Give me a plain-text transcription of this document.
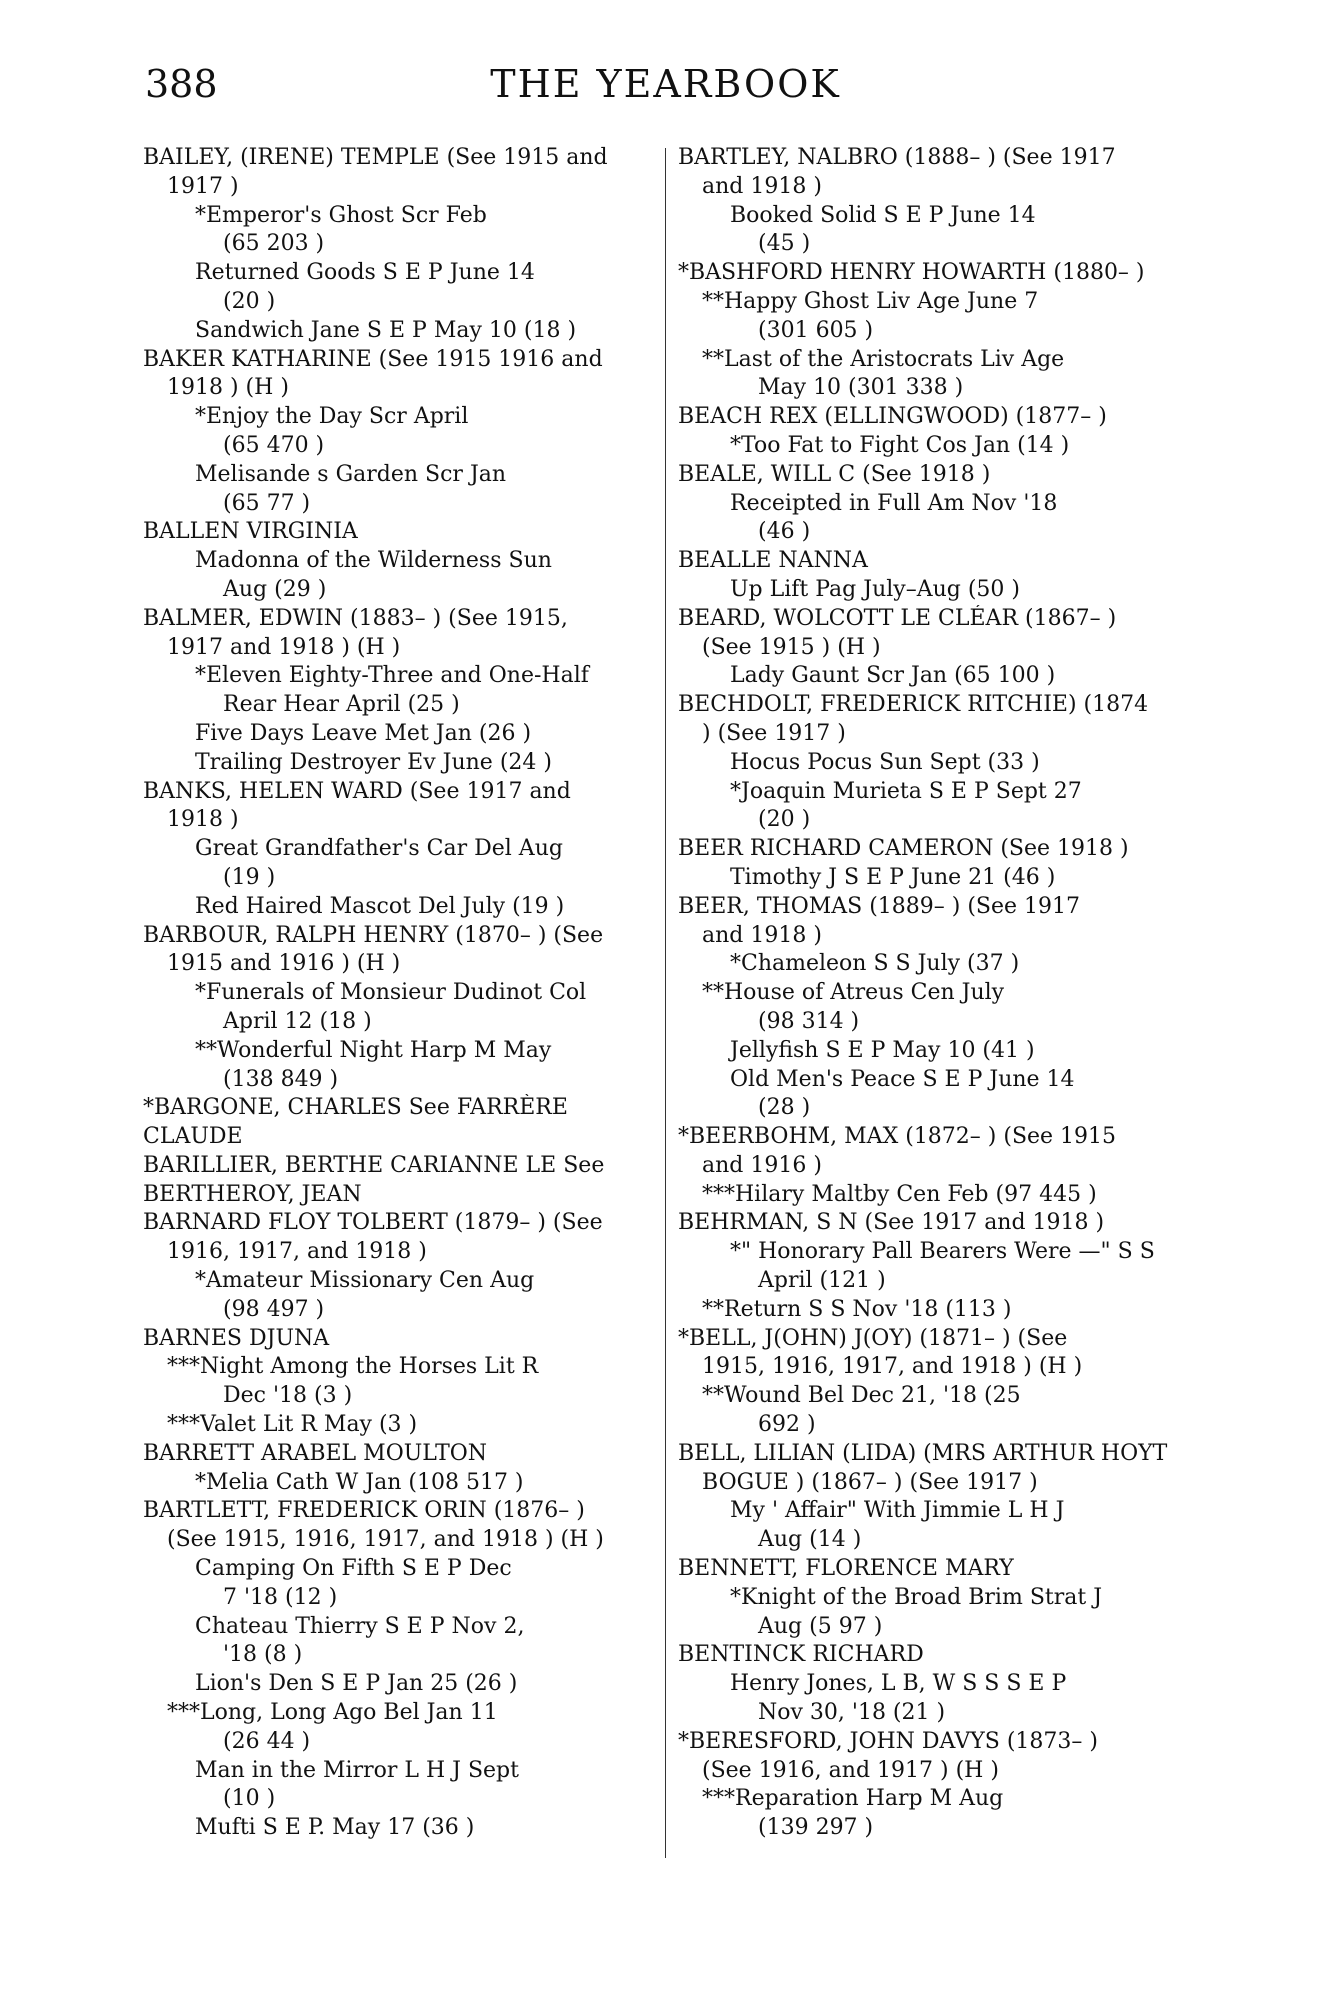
388	THE YEARBOOK
BAILEY, (IRENE) TEMPLE (See 1915 and
1917 )
*Emperor's Ghost Scr Feb
(65 203 )
Returned Goods S E P June 14
(20 )
Sandwich Jane S E P May 10 (18 )
BAKER KATHARINE (See 1915 1916 and
1918 ) (H )
*Enjoy the Day Scr April
(65 470 )
Melisande s Garden Scr Jan
(65 77 )
BALLEN VIRGINIA
Madonna of the Wilderness Sun
Aug (29 )
BALMER, EDWIN (1883– ) (See 1915,
1917 and 1918 ) (H )
*Eleven Eighty-Three and One-Half
Rear Hear April (25 )
Five Days Leave Met Jan (26 )
Trailing Destroyer Ev June (24 )
BANKS, HELEN WARD (See 1917 and
1918 )
Great Grandfather's Car Del Aug
(19 )
Red Haired Mascot Del July (19 )
BARBOUR, RALPH HENRY (1870– ) (See
1915 and 1916 ) (H )
*Funerals of Monsieur Dudinot Col
April 12 (18 )
**Wonderful Night Harp M May
(138 849 )
*BARGONE, CHARLES See FARRÈRE
CLAUDE
BARILLIER, BERTHE CARIANNE LE See
BERTHEROY, JEAN
BARNARD FLOY TOLBERT (1879– ) (See
1916, 1917, and 1918 )
*Amateur Missionary Cen Aug
(98 497 )
BARNES DJUNA
***Night Among the Horses Lit R
Dec '18 (3 )
***Valet Lit R May (3 )
BARRETT ARABEL MOULTON
*Melia Cath W Jan (108 517 )
BARTLETT, FREDERICK ORIN (1876– )
(See 1915, 1916, 1917, and 1918 ) (H )
Camping On Fifth S E P Dec
7 '18 (12 )
Chateau Thierry S E P Nov 2,
'18 (8 )
Lion's Den S E P Jan 25 (26 )
***Long, Long Ago Bel Jan 11
(26 44 )
Man in the Mirror L H J Sept
(10 )
Mufti S E P. May 17 (36 )
BARTLEY, NALBRO (1888– ) (See 1917
and 1918 )
Booked Solid S E P June 14
(45 )
*BASHFORD HENRY HOWARTH (1880– )
**Happy Ghost Liv Age June 7
(301 605 )
**Last of the Aristocrats Liv Age
May 10 (301 338 )
BEACH REX (ELLINGWOOD) (1877– )
*Too Fat to Fight Cos Jan (14 )
BEALE, WILL C (See 1918 )
Receipted in Full Am Nov '18
(46 )
BEALLE NANNA
Up Lift Pag July–Aug (50 )
BEARD, WOLCOTT LE CLÉAR (1867– )
(See 1915 ) (H )
Lady Gaunt Scr Jan (65 100 )
BECHDOLT, FREDERICK RITCHIE) (1874
) (See 1917 )
Hocus Pocus Sun Sept (33 )
*Joaquin Murieta S E P Sept 27
(20 )
BEER RICHARD CAMERON (See 1918 )
Timothy J S E P June 21 (46 )
BEER, THOMAS (1889– ) (See 1917
and 1918 )
*Chameleon S S July (37 )
**House of Atreus Cen July
(98 314 )
Jellyfish S E P May 10 (41 )
Old Men's Peace S E P June 14
(28 )
*BEERBOHM, MAX (1872– ) (See 1915
and 1916 )
***Hilary Maltby Cen Feb (97 445 )
BEHRMAN, S N (See 1917 and 1918 )
*" Honorary Pall Bearers Were —" S S
April (121 )
**Return S S Nov '18 (113 )
*BELL, J(OHN) J(OY) (1871– ) (See
1915, 1916, 1917, and 1918 ) (H )
**Wound Bel Dec 21, '18 (25
692 )
BELL, LILIAN (LIDA) (MRS ARTHUR HOYT
BOGUE ) (1867– ) (See 1917 )
My ' Affair" With Jimmie L H J
Aug (14 )
BENNETT, FLORENCE MARY
*Knight of the Broad Brim Strat J
Aug (5 97 )
BENTINCK RICHARD
Henry Jones, L B, W S S S E P
Nov 30, '18 (21 )
*BERESFORD, JOHN DAVYS (1873– )
(See 1916, and 1917 ) (H )
***Reparation Harp M Aug
(139 297 )
